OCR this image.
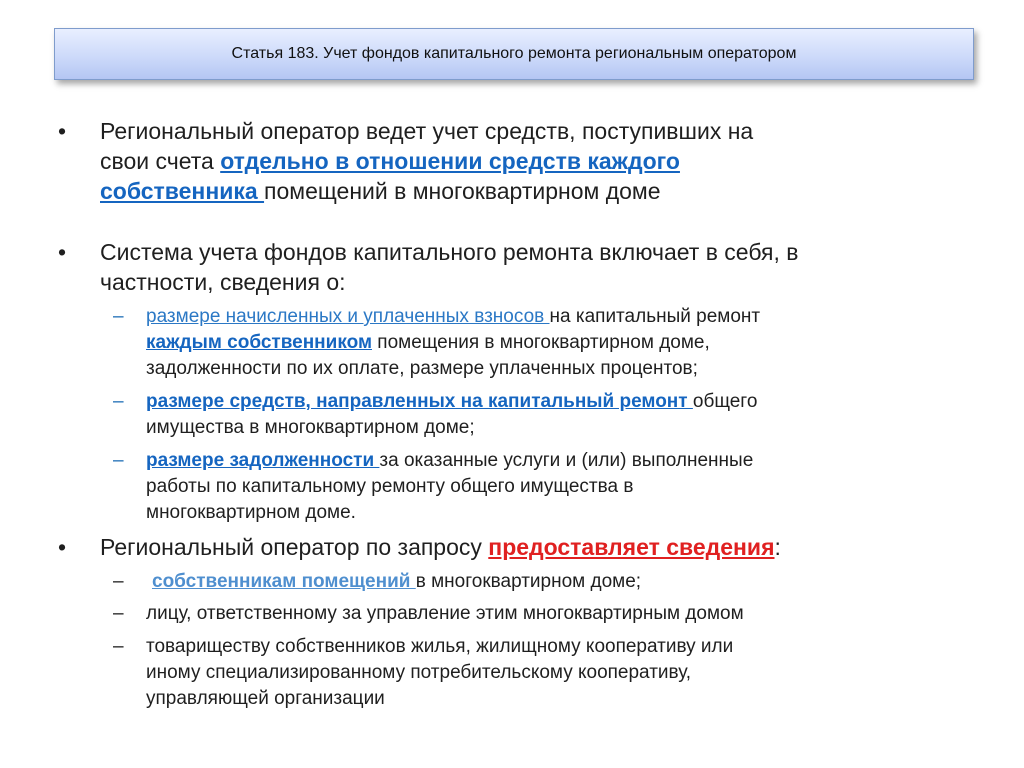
Статья 183. Учет фондов капитального ремонта региональным оператором
• Региональный оператор ведет учет средств, поступивших на
свои счета отдельно в отношении средств каждого
собственника помещений в многоквартирном доме
• Система учета фондов капитального ремонта включает в себя, в
частности, сведения о:
– размере начисленных и уплаченных взносов на капитальный ремонт
каждым собственником помещения в многоквартирном доме,
задолженности по их оплате, размере уплаченных процентов;
– размере средств, направленных на капитальный ремонт общего
имущества в многоквартирном доме;
– размере задолженности за оказанные услуги и (или) выполненные
работы по капитальному ремонту общего имущества в
многоквартирном доме.
• Региональный оператор по запросу предоставляет сведения:
– собственникам помещений в многоквартирном доме;
– лицу, ответственному за управление этим многоквартирным домом
– товариществу собственников жилья, жилищному кооперативу или
иному специализированному потребительскому кооперативу,
управляющей организации
